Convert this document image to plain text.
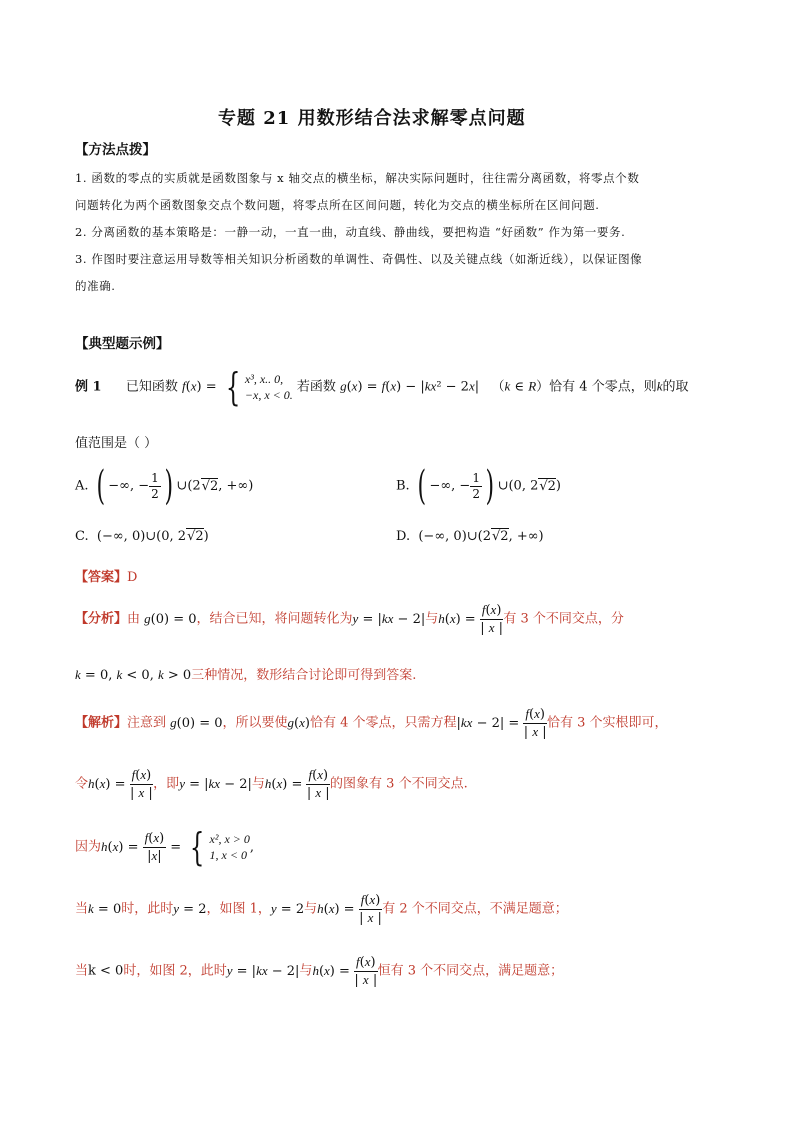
专题 21 用数形结合法求解零点问题
【方法点拨】
1. 函数的零点的实质就是函数图象与 x 轴交点的横坐标，解决实际问题时，往往需分离函数，将零点个数
问题转化为两个函数图象交点个数问题，将零点所在区间问题，转化为交点的横坐标所在区间问题.
2. 分离函数的基本策略是：一静一动，一直一曲，动直线、静曲线，要把构造 “好函数” 作为第一要务.
3. 作图时要注意运用导数等相关知识分析函数的单调性、奇偶性、以及关键点线（如渐近线），以保证图像
的准确.
【典型题示例】
例 1 已知函数 f(x) = { x³, x.. 0,
−x, x < 0. 若函数 g(x) = f(x) − |kx² − 2x|   （k ∈ R）恰有 4 个零点，则k的取
值范围是（ ）
A. ( −∞, − $\frac{1}{2}$ ) ∪(2√2, +∞)	B. ( −∞, − $\frac{1}{2}$ ) ∪(0, 2√2)
C.  (−∞, 0)∪(0, 2√2)	D.  (−∞, 0)∪(2√2, +∞)
【答案】D
【分析】由 g(0) = 0，结合已知，将问题转化为y = |kx − 2|与$h(x) = \frac{f(x)}{| x |}$ 有 3 个不同交点，分
k = 0, k < 0, k > 0三种情况，数形结合讨论即可得到答案.
【解析】注意到 g(0) = 0，所以要使g(x)恰有 4 个零点，只需方程$|kx - 2| = \frac{f(x)}{| x |}$ 恰有 3 个实根即可，
令$h(x) = \frac{f(x)}{| x |}$ ，即y = |kx − 2|与$h(x) = \frac{f(x)}{| x |}$ 的图象有 3 个不同交点.
因为$h(x) = \frac{f(x)}{|x|}$ = { x², x > 0
1, x < 0,
当k = 0时，此时y = 2，如图 1，y = 2与$h(x) = \frac{f(x)}{| x |}$ 有 2 个不同交点，不满足题意；
当k < 0时，如图 2，此时y = |kx − 2|与$h(x) = \frac{f(x)}{| x |}$ 恒有 3 个不同交点，满足题意；
